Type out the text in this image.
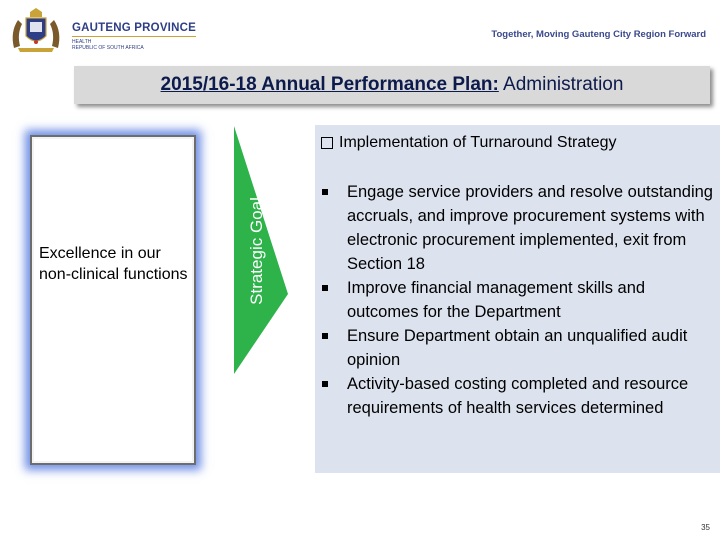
GAUTENG PROVINCE
HEALTH
REPUBLIC OF SOUTH AFRICA
Together, Moving Gauteng City Region Forward
2015/16-18 Annual Performance Plan: Administration
Excellence in our non-clinical functions	Strategic Goal
Implementation of Turnaround Strategy
Engage service providers and resolve outstanding accruals, and improve procurement systems with electronic procurement implemented, exit from Section 18
Improve financial management skills and outcomes for the Department
Ensure Department obtain an unqualified audit opinion
Activity-based costing completed and resource requirements of health services determined
35
